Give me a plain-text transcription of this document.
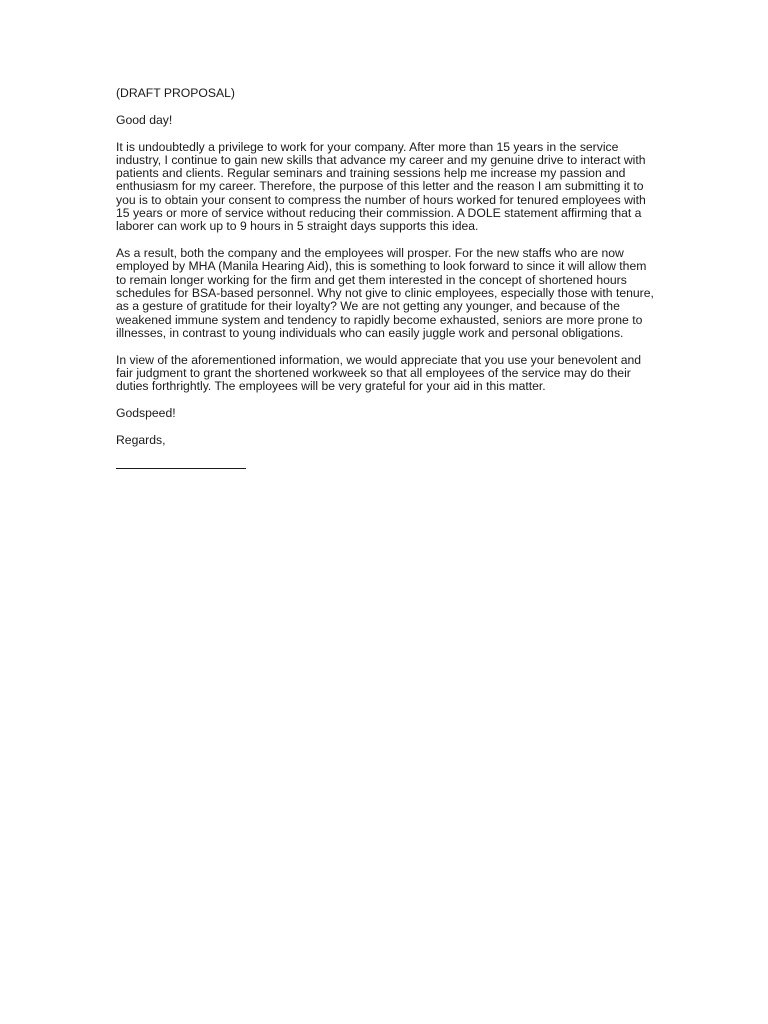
(DRAFT PROPOSAL)

Good day!

It is undoubtedly a privilege to work for your company. After more than 15 years in the service industry, I continue to gain new skills that advance my career and my genuine drive to interact with patients and clients. Regular seminars and training sessions help me increase my passion and enthusiasm for my career. Therefore, the purpose of this letter and the reason I am submitting it to you is to obtain your consent to compress the number of hours worked for tenured employees with 15 years or more of service without reducing their commission. A DOLE statement affirming that a laborer can work up to 9 hours in 5 straight days supports this idea.

As a result, both the company and the employees will prosper. For the new staffs who are now employed by MHA (Manila Hearing Aid), this is something to look forward to since it will allow them to remain longer working for the firm and get them interested in the concept of shortened hours schedules for BSA-based personnel. Why not give to clinic employees, especially those with tenure, as a gesture of gratitude for their loyalty? We are not getting any younger, and because of the weakened immune system and tendency to rapidly become exhausted, seniors are more prone to illnesses, in contrast to young individuals who can easily juggle work and personal obligations.

In view of the aforementioned information, we would appreciate that you use your benevolent and fair judgment to grant the shortened workweek so that all employees of the service may do their duties forthrightly. The employees will be very grateful for your aid in this matter.

Godspeed!

Regards,
